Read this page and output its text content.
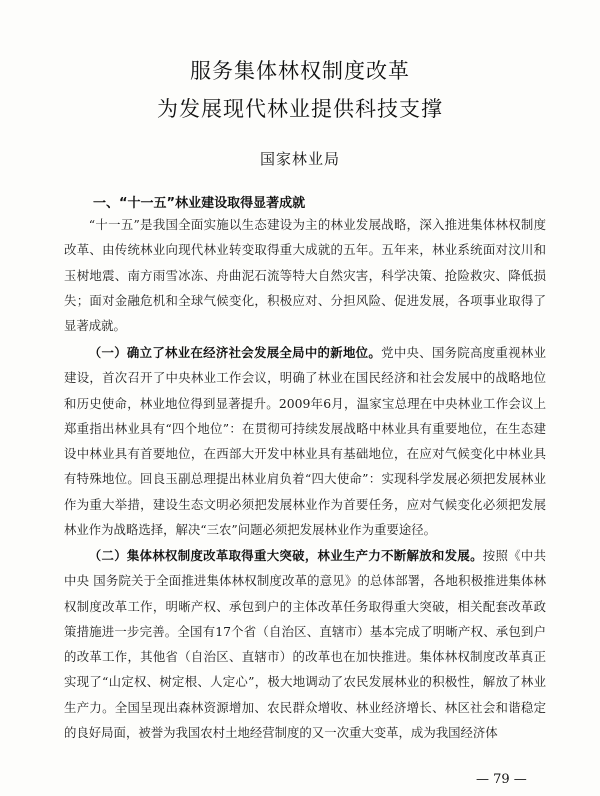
服务集体林权制度改革
为发展现代林业提供科技支撑
国家林业局
一、“十一五”林业建设取得显著成就
“十一五”是我国全面实施以生态建设为主的林业发展战略，深入推进集体林权制度改革、由传统林业向现代林业转变取得重大成就的五年。五年来，林业系统面对汶川和玉树地震、南方雨雪冰冻、舟曲泥石流等特大自然灾害，科学决策、抢险救灾、降低损失；面对金融危机和全球气候变化，积极应对、分担风险、促进发展，各项事业取得了显著成就。
（一）确立了林业在经济社会发展全局中的新地位。党中央、国务院高度重视林业建设，首次召开了中央林业工作会议，明确了林业在国民经济和社会发展中的战略地位和历史使命，林业地位得到显著提升。2009年6月，温家宝总理在中央林业工作会议上郑重指出林业具有“四个地位”：在贯彻可持续发展战略中林业具有重要地位，在生态建设中林业具有首要地位，在西部大开发中林业具有基础地位，在应对气候变化中林业具有特殊地位。回良玉副总理提出林业肩负着“四大使命”：实现科学发展必须把发展林业作为重大举措，建设生态文明必须把发展林业作为首要任务，应对气候变化必须把发展林业作为战略选择，解决“三农”问题必须把发展林业作为重要途径。
（二）集体林权制度改革取得重大突破，林业生产力不断解放和发展。按照《中共中央 国务院关于全面推进集体林权制度改革的意见》的总体部署，各地积极推进集体林权制度改革工作，明晰产权、承包到户的主体改革任务取得重大突破，相关配套改革政策措施进一步完善。全国有17个省（自治区、直辖市）基本完成了明晰产权、承包到户的改革工作，其他省（自治区、直辖市）的改革也在加快推进。集体林权制度改革真正实现了“山定权、树定根、人定心”，极大地调动了农民发展林业的积极性，解放了林业生产力。全国呈现出森林资源增加、农民群众增收、林业经济增长、林区社会和谐稳定的良好局面，被誉为我国农村土地经营制度的又一次重大变革，成为我国经济体
— 79 —
